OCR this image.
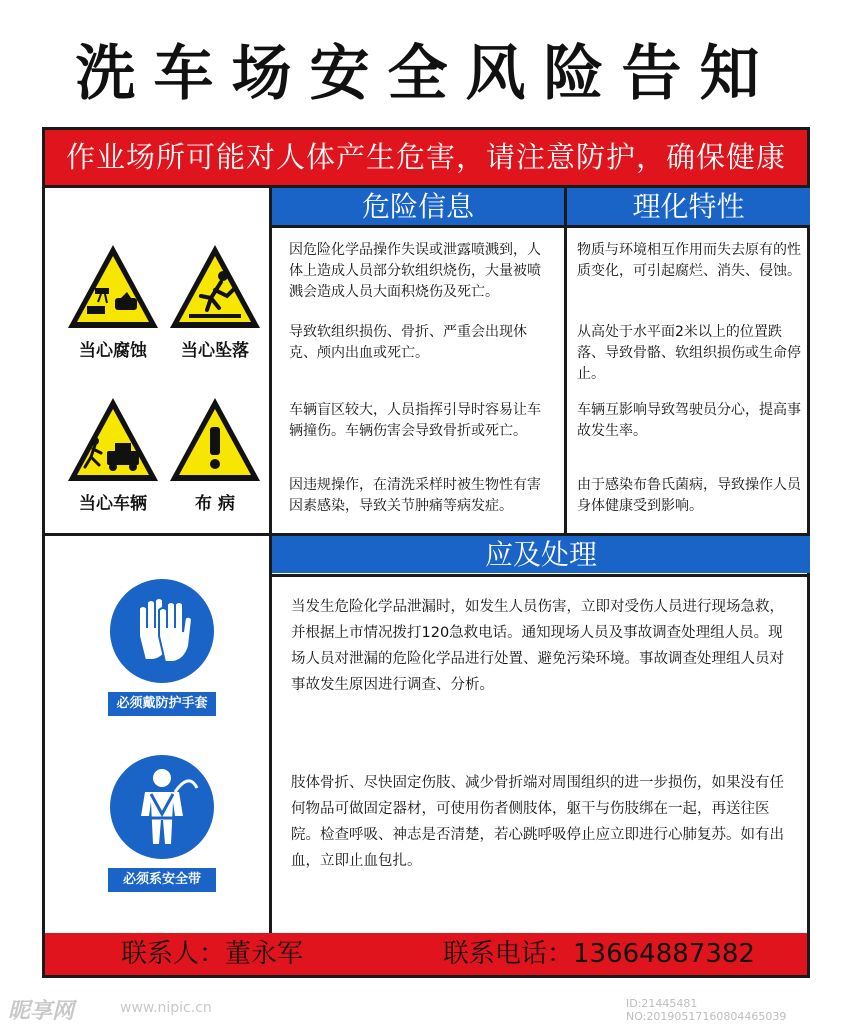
洗车场安全风险告知
作业场所可能对人体产生危害，请注意防护，确保健康
危险信息	理化特性
应及处理
当心腐蚀	当心坠落
当心车辆	布 病
因危险化学品操作失误或泄露喷溅到，人体上造成人员部分软组织烧伤，大量被喷溅会造成人员大面积烧伤及死亡。
导致软组织损伤、骨折、严重会出现休克、颅内出血或死亡。
车辆盲区较大，人员指挥引导时容易让车辆撞伤。车辆伤害会导致骨折或死亡。
因违规操作，在清洗采样时被生物性有害因素感染，导致关节肿痛等病发症。
物质与环境相互作用而失去原有的性质变化，可引起腐烂、消失、侵蚀。
从高处于水平面2米以上的位置跌落、导致骨骼、软组织损伤或生命停止。
车辆互影响导致驾驶员分心，提高事故发生率。
由于感染布鲁氏菌病，导致操作人员身体健康受到影响。
必须戴防护手套
必须系安全带
当发生危险化学品泄漏时，如发生人员伤害，立即对受伤人员进行现场急救，并根据上市情况拨打120急救电话。通知现场人员及事故调查处理组人员。现场人员对泄漏的危险化学品进行处置、避免污染环境。事故调查处理组人员对事故发生原因进行调查、分析。
肢体骨折、尽快固定伤肢、减少骨折端对周围组织的进一步损伤，如果没有任何物品可做固定器材，可使用伤者侧肢体，躯干与伤肢绑在一起，再送往医院。检查呼吸、神志是否清楚，若心跳呼吸停止应立即进行心肺复苏。如有出血，立即止血包扎。
联系人：董永军	联系电话：13664887382
昵享网	www.nipic.cn	ID:21445481 NO:20190517160804465039
